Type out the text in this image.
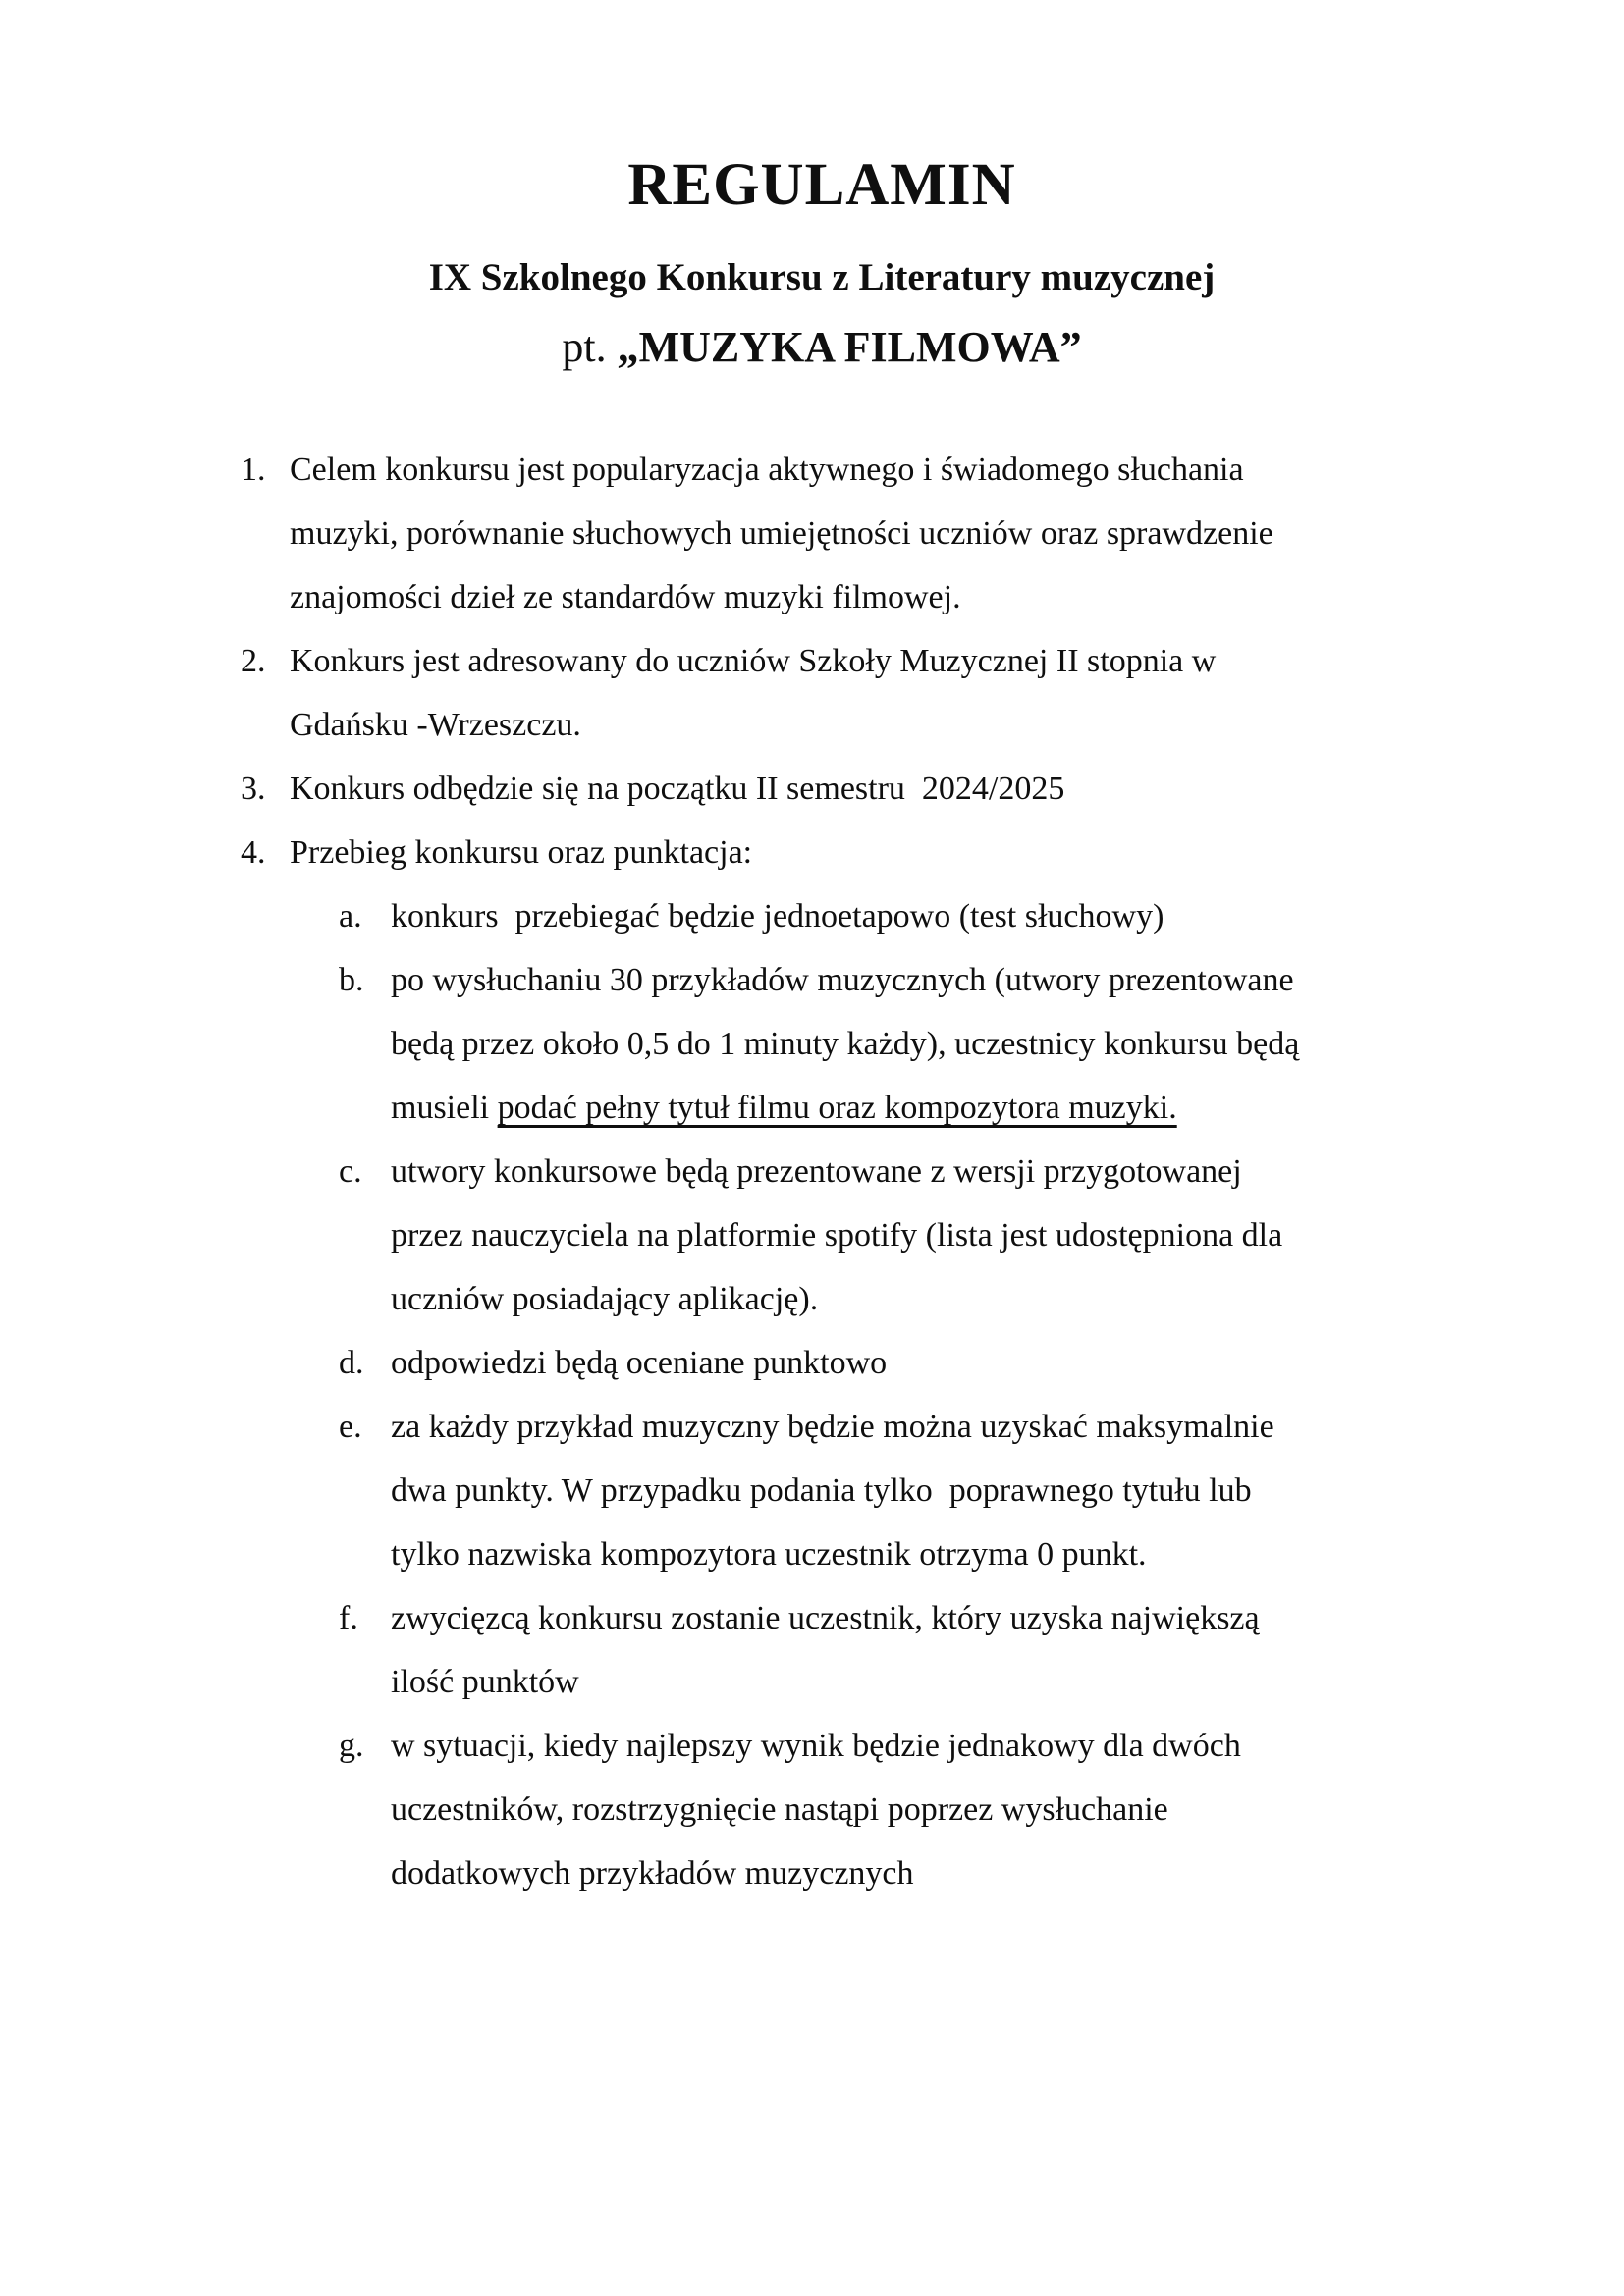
REGULAMIN
IX Szkolnego Konkursu z Literatury muzycznej
pt. „MUZYKA FILMOWA”
1. Celem konkursu jest popularyzacja aktywnego i świadomego słuchania
muzyki, porównanie słuchowych umiejętności uczniów oraz sprawdzenie
znajomości dzieł ze standardów muzyki filmowej.
2. Konkurs jest adresowany do uczniów Szkoły Muzycznej II stopnia w
Gdańsku -Wrzeszczu.
3. Konkurs odbędzie się na początku II semestru  2024/2025
4. Przebieg konkursu oraz punktacja:
a. konkurs  przebiegać będzie jednoetapowo (test słuchowy)
b. po wysłuchaniu 30 przykładów muzycznych (utwory prezentowane
będą przez około 0,5 do 1 minuty każdy), uczestnicy konkursu będą
musieli podać pełny tytuł filmu oraz kompozytora muzyki.
c. utwory konkursowe będą prezentowane z wersji przygotowanej
przez nauczyciela na platformie spotify (lista jest udostępniona dla
uczniów posiadający aplikację).
d. odpowiedzi będą oceniane punktowo
e. za każdy przykład muzyczny będzie można uzyskać maksymalnie
dwa punkty. W przypadku podania tylko  poprawnego tytułu lub
tylko nazwiska kompozytora uczestnik otrzyma 0 punkt.
f. zwycięzcą konkursu zostanie uczestnik, który uzyska największą
ilość punktów
g. w sytuacji, kiedy najlepszy wynik będzie jednakowy dla dwóch
uczestników, rozstrzygnięcie nastąpi poprzez wysłuchanie
dodatkowych przykładów muzycznych
